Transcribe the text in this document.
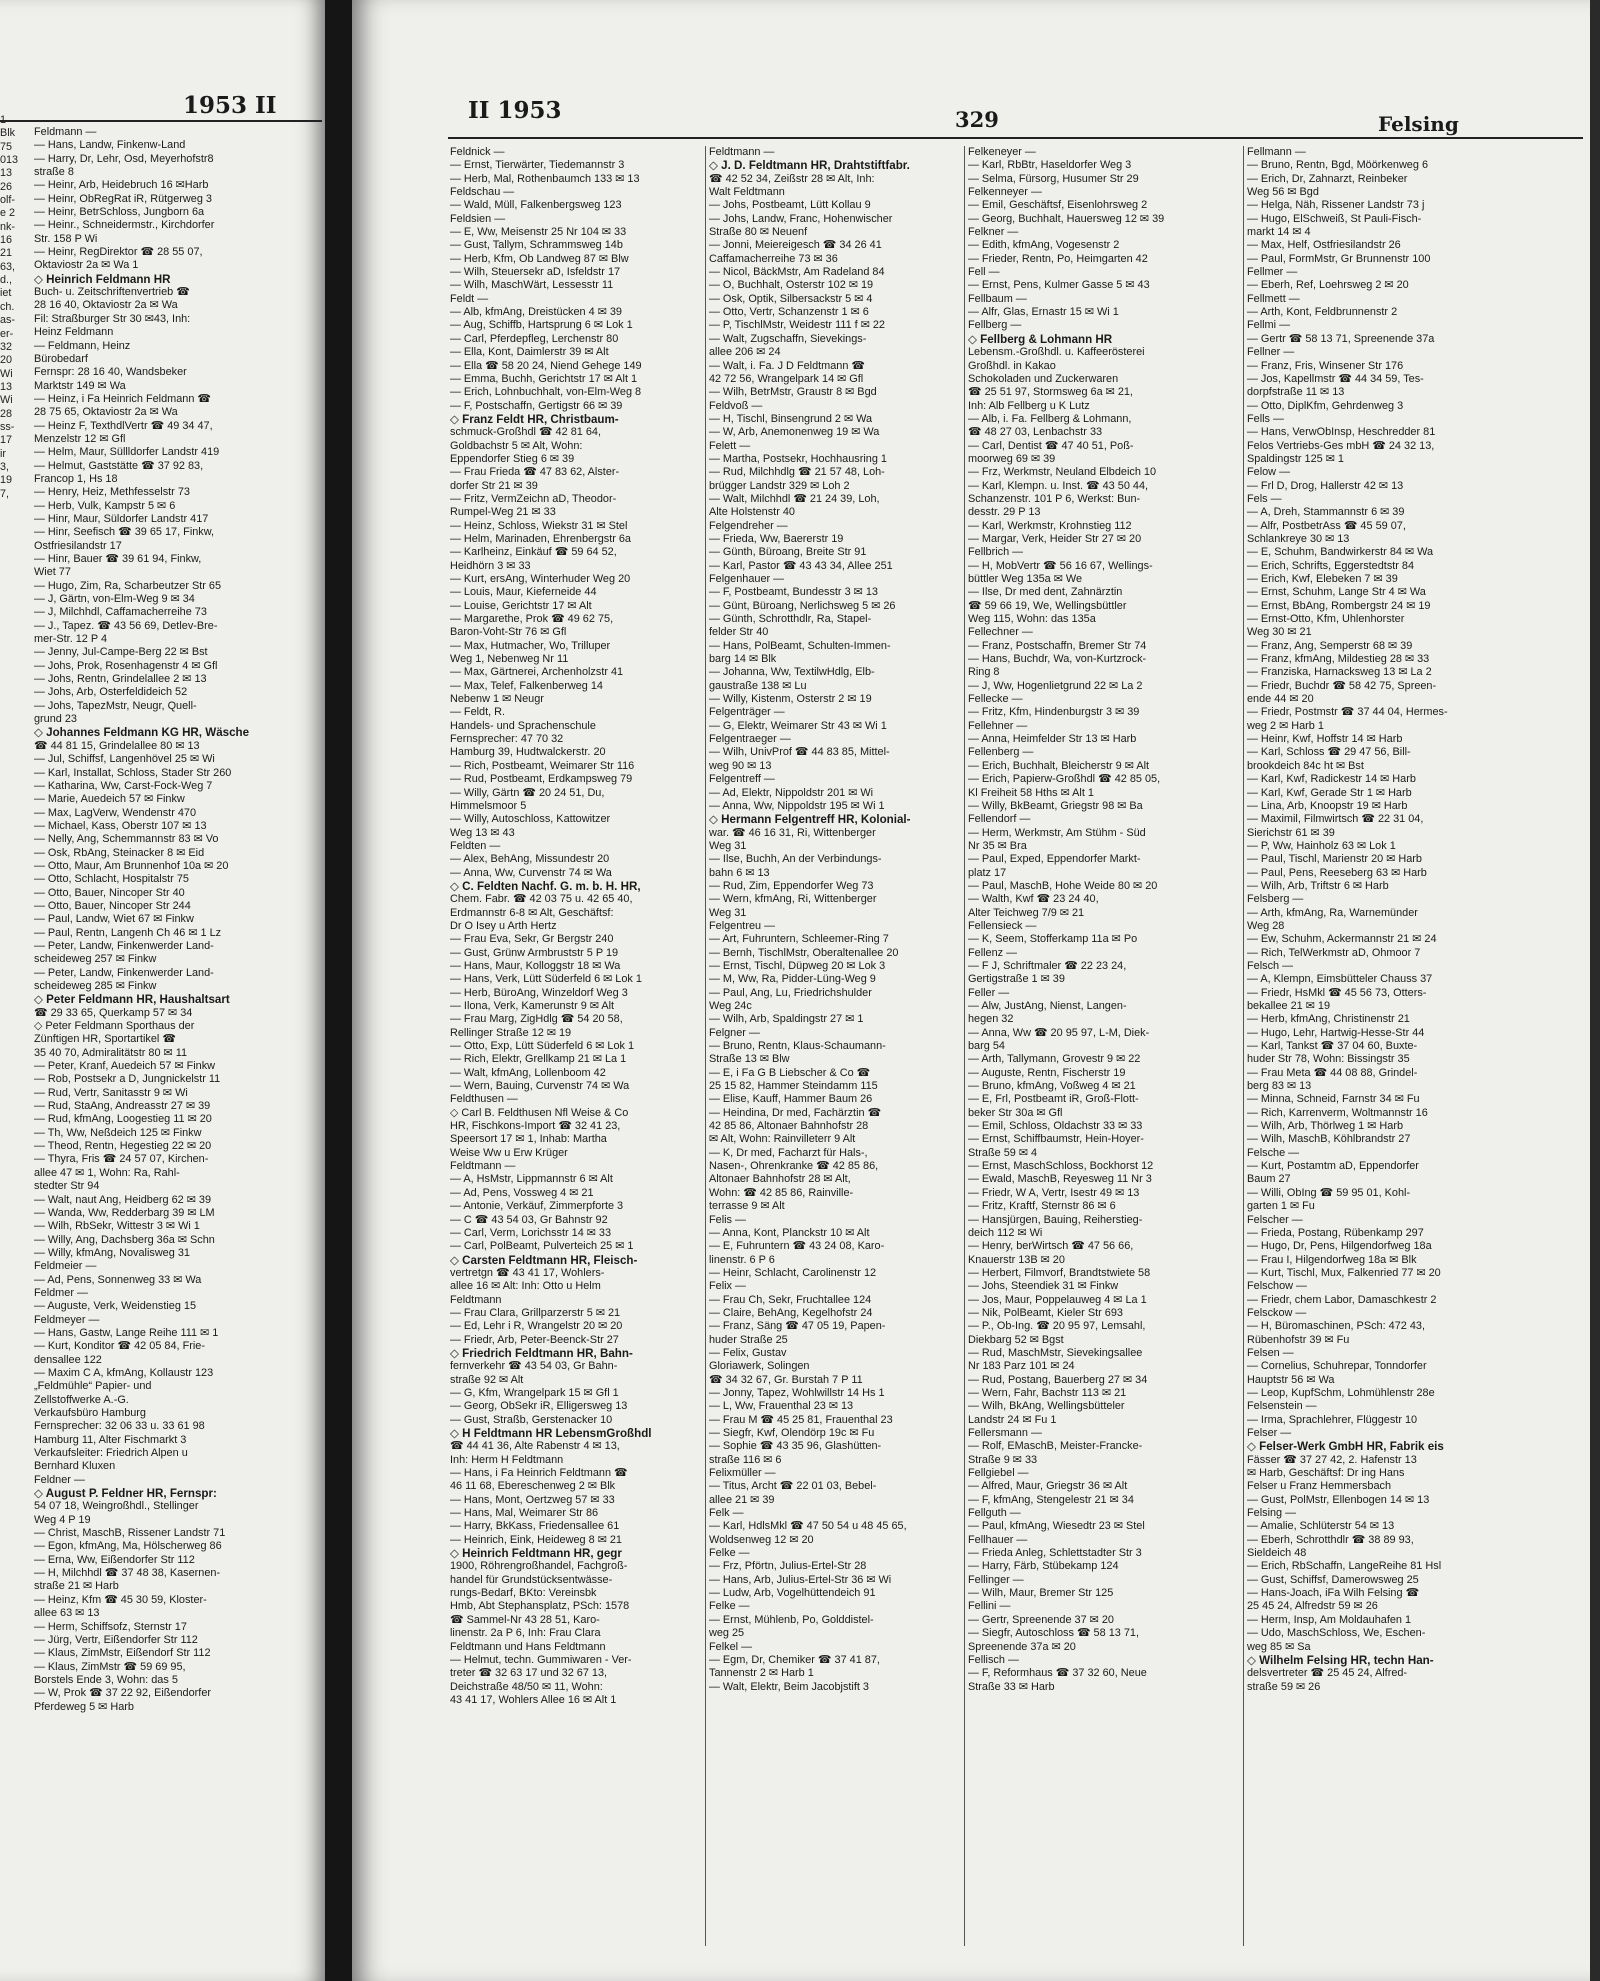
1953 II
1
Blk
75
013
13
26
olf-
e 2
nk-
16
21
63,
d.,
iet
ch.
as-
er-
32
20
Wi
13
Wi
28
ss-
17
ir
3,
19
7,
Feldmann —
— Hans, Landw, Finkenw-Land
— Harry, Dr, Lehr, Osd, Meyerhofstr8
straße 8
— Heinr, Arb, Heidebruch 16 ✉Harb
— Heinr, ObRegRat iR, Rütgerweg 3
— Heinr, BetrSchloss, Jungborn 6a
— Heinr., Schneidermstr., Kirchdorfer
Str. 158 P Wi
— Heinr, RegDirektor ☎ 28 55 07,
Oktaviostr 2a ✉ Wa 1
◇ Heinrich Feldmann HR
Buch- u. Zeitschriftenvertrieb ☎
28 16 40, Oktaviostr 2a ✉ Wa
Fil: Straßburger Str 30 ✉43, Inh:
Heinz Feldmann
— Feldmann, Heinz
Bürobedarf
Fernspr: 28 16 40, Wandsbeker
Marktstr 149 ✉ Wa
— Heinz, i Fa Heinrich Feldmann ☎
28 75 65, Oktaviostr 2a ✉ Wa
— Heinz F, TexthdlVertr ☎ 49 34 47,
Menzelstr 12 ✉ Gfl
— Helm, Maur, Süllldorfer Landstr 419
— Helmut, Gaststätte ☎ 37 92 83,
Francop 1, Hs 18
— Henry, Heiz, Methfesselstr 73
— Herb, Vulk, Kampstr 5 ✉ 6
— Hinr, Maur, Süldorfer Landstr 417
— Hinr, Seefisch ☎ 39 65 17, Finkw,
Ostfriesilandstr 17
— Hinr, Bauer ☎ 39 61 94, Finkw,
Wiet 77
— Hugo, Zim, Ra, Scharbeutzer Str 65
— J, Gärtn, von-Elm-Weg 9 ✉ 34
— J, Milchhdl, Caffamacherreihe 73
— J., Tapez. ☎ 43 56 69, Detlev-Bre-
mer-Str. 12 P 4
— Jenny, Jul-Campe-Berg 22 ✉ Bst
— Johs, Prok, Rosenhagenstr 4 ✉ Gfl
— Johs, Rentn, Grindelallee 2 ✉ 13
— Johs, Arb, Osterfeldideich 52
— Johs, TapezMstr, Neugr, Quell-
grund 23
◇ Johannes Feldmann KG HR, Wäsche
☎ 44 81 15, Grindelallee 80 ✉ 13
— Jul, Schiffsf, Langenhövel 25 ✉ Wi
— Karl, Installat, Schloss, Stader Str 260
— Katharina, Ww, Carst-Fock-Weg 7
— Marie, Auedeich 57 ✉ Finkw
— Max, LagVerw, Wendenstr 470
— Michael, Kass, Oberstr 107 ✉ 13
— Nelly, Ang, Schemmannstr 83 ✉ Vo
— Osk, RbAng, Steinacker 8 ✉ Eid
— Otto, Maur, Am Brunnenhof 10a ✉ 20
— Otto, Schlacht, Hospitalstr 75
— Otto, Bauer, Nincoper Str 40
— Otto, Bauer, Nincoper Str 244
— Paul, Landw, Wiet 67 ✉ Finkw
— Paul, Rentn, Langenh Ch 46 ✉ 1 Lz
— Peter, Landw, Finkenwerder Land-
scheideweg 257 ✉ Finkw
— Peter, Landw, Finkenwerder Land-
scheideweg 285 ✉ Finkw
◇ Peter Feldmann HR, Haushaltsart
☎ 29 33 65, Querkamp 57 ✉ 34
◇ Peter Feldmann Sporthaus der
Zünftigen HR, Sportartikel ☎
35 40 70, Admiralitätstr 80 ✉ 11
— Peter, Kranf, Auedeich 57 ✉ Finkw
— Rob, Postsekr a D, Jungnickelstr 11
— Rud, Vertr, Sanitasstr 9 ✉ Wi
— Rud, StaAng, Andreasstr 27 ✉ 39
— Rud, kfmAng, Loogestieg 11 ✉ 20
— Th, Ww, Neßdeich 125 ✉ Finkw
— Theod, Rentn, Hegestieg 22 ✉ 20
— Thyra, Fris ☎ 24 57 07, Kirchen-
allee 47 ✉ 1, Wohn: Ra, Rahl-
stedter Str 94
— Walt, naut Ang, Heidberg 62 ✉ 39
— Wanda, Ww, Redderbarg 39 ✉ LM
— Wilh, RbSekr, Wittestr 3 ✉ Wi 1
— Willy, Ang, Dachsberg 36a ✉ Schn
— Willy, kfmAng, Novalisweg 31
Feldmeier —
— Ad, Pens, Sonnenweg 33 ✉ Wa
Feldmer —
— Auguste, Verk, Weidenstieg 15
Feldmeyer —
— Hans, Gastw, Lange Reihe 111 ✉ 1
— Kurt, Konditor ☎ 42 05 84, Frie-
densallee 122
— Maxim C A, kfmAng, Kollaustr 123
„Feldmühle“ Papier- und
Zellstoffwerke A.-G.
Verkaufsbüro Hamburg
Fernsprecher: 32 06 33 u. 33 61 98
Hamburg 11, Alter Fischmarkt 3
Verkaufsleiter: Friedrich Alpen u
Bernhard Kluxen
Feldner —
◇ August P. Feldner HR, Fernspr:
54 07 18, Weingroßhdl., Stellinger
Weg 4 P 19
— Christ, MaschB, Rissener Landstr 71
— Egon, kfmAng, Ma, Hölscherweg 86
— Erna, Ww, Eißendorfer Str 112
— H, Milchhdl ☎ 37 48 38, Kasernen-
straße 21 ✉ Harb
— Heinz, Kfm ☎ 45 30 59, Kloster-
allee 63 ✉ 13
— Herm, Schiffsofz, Sternstr 17
— Jürg, Vertr, Eißendorfer Str 112
— Klaus, ZimMstr, Eißendorf Str 112
— Klaus, ZimMstr ☎ 59 69 95,
Borstels Ende 3, Wohn: das 5
— W, Prok ☎ 37 22 92, Eißendorfer
Pferdeweg 5 ✉ Harb
II 1953	329	Felsing
Feldnick —
— Ernst, Tierwärter, Tiedemannstr 3
— Herb, Mal, Rothenbaumch 133 ✉ 13
Feldschau —
— Wald, Müll, Falkenbergsweg 123
Feldsien —
— E, Ww, Meisenstr 25 Nr 104 ✉ 33
— Gust, Tallym, Schrammsweg 14b
— Herb, Kfm, Ob Landweg 87 ✉ Blw
— Wilh, Steuersekr aD, Isfeldstr 17
— Wilh, MaschWärt, Lessesstr 11
Feldt —
— Alb, kfmAng, Dreistücken 4 ✉ 39
— Aug, Schiffb, Hartsprung 6 ✉ Lok 1
— Carl, Pferdepfleg, Lerchenstr 80
— Ella, Kont, Daimlerstr 39 ✉ Alt
— Ella ☎ 58 20 24, Niend Gehege 149
— Emma, Buchh, Gerichtstr 17 ✉ Alt 1
— Erich, Lohnbuchhalt, von-Elm-Weg 8
— F, Postschaffn, Gertigstr 66 ✉ 39
◇ Franz Feldt HR, Christbaum-
schmuck-Großhdl ☎ 42 81 64,
Goldbachstr 5 ✉ Alt, Wohn:
Eppendorfer Stieg 6 ✉ 39
— Frau Frieda ☎ 47 83 62, Alster-
dorfer Str 21 ✉ 39
— Fritz, VermZeichn aD, Theodor-
Rumpel-Weg 21 ✉ 33
— Heinz, Schloss, Wiekstr 31 ✉ Stel
— Helm, Marinaden, Ehrenbergstr 6a
— Karlheinz, Einkäuf ☎ 59 64 52,
Heidhörn 3 ✉ 33
— Kurt, ersAng, Winterhuder Weg 20
— Louis, Maur, Kieferneide 44
— Louise, Gerichtstr 17 ✉ Alt
— Margarethe, Prok ☎ 49 62 75,
Baron-Voht-Str 76 ✉ Gfl
— Max, Hutmacher, Wo, Trilluper
Weg 1, Nebenweg Nr 11
— Max, Gärtnerei, Archenholzstr 41
— Max, Telef, Falkenberweg 14
Nebenw 1 ✉ Neugr
— Feldt, R.
Handels- und Sprachenschule
Fernsprecher: 47 70 32
Hamburg 39, Hudtwalckerstr. 20
— Rich, Postbeamt, Weimarer Str 116
— Rud, Postbeamt, Erdkampsweg 79
— Willy, Gärtn ☎ 20 24 51, Du,
Himmelsmoor 5
— Willy, Autoschloss, Kattowitzer
Weg 13 ✉ 43
Feldten —
— Alex, BehAng, Missundestr 20
— Anna, Ww, Curvenstr 74 ✉ Wa
◇ C. Feldten Nachf. G. m. b. H. HR,
Chem. Fabr. ☎ 42 03 75 u. 42 65 40,
Erdmannstr 6-8 ✉ Alt, Geschäftsf:
Dr O Isey u Arth Hertz
— Frau Eva, Sekr, Gr Bergstr 240
— Gust, Grünw Armbruststr 5 P 19
— Hans, Maur, Kolloggstr 18 ✉ Wa
— Hans, Verk, Lütt Süderfeld 6 ✉ Lok 1
— Herb, BüroAng, Winzeldorf Weg 3
— Ilona, Verk, Kamerunstr 9 ✉ Alt
— Frau Marg, ZigHdlg ☎ 54 20 58,
Rellinger Straße 12 ✉ 19
— Otto, Exp, Lütt Süderfeld 6 ✉ Lok 1
— Rich, Elektr, Grellkamp 21 ✉ La 1
— Walt, kfmAng, Lollenboom 42
— Wern, Bauing, Curvenstr 74 ✉ Wa
Feldthusen —
◇ Carl B. Feldthusen Nfl Weise & Co
HR, Fischkons-Import ☎ 32 41 23,
Speersort 17 ✉ 1, Inhab: Martha
Weise Ww u Erw Krüger
Feldtmann —
— A, HsMstr, Lippmannstr 6 ✉ Alt
— Ad, Pens, Vossweg 4 ✉ 21
— Antonie, Verkäuf, Zimmerpforte 3
— C ☎ 43 54 03, Gr Bahnstr 92
— Carl, Verm, Lorichsstr 14 ✉ 33
— Carl, PolBeamt, Pulverteich 25 ✉ 1
◇ Carsten Feldtmann HR, Fleisch-
vertretgn ☎ 43 41 17, Wohlers-
allee 16 ✉ Alt: Inh: Otto u Helm
Feldtmann
— Frau Clara, Grillparzerstr 5 ✉ 21
— Ed, Lehr i R, Wrangelstr 20 ✉ 20
— Friedr, Arb, Peter-Beenck-Str 27
◇ Friedrich Feldtmann HR, Bahn-
fernverkehr ☎ 43 54 03, Gr Bahn-
straße 92 ✉ Alt
— G, Kfm, Wrangelpark 15 ✉ Gfl 1
— Georg, ObSekr iR, Elligersweg 13
— Gust, Straßb, Gerstenacker 10
◇ H Feldtmann HR LebensmGroßhdl
☎ 44 41 36, Alte Rabenstr 4 ✉ 13,
Inh: Herm H Feldtmann
— Hans, i Fa Heinrich Feldtmann ☎
46 11 68, Ebereschenweg 2 ✉ Blk
— Hans, Mont, Oertzweg 57 ✉ 33
— Hans, Mal, Weimarer Str 86
— Harry, BkKass, Friedensallee 61
— Heinrich, Eink, Heideweg 8 ✉ 21
◇ Heinrich Feldtmann HR, gegr
1900, Röhrengroßhandel, Fachgroß-
handel für Grundstücksentwässe-
rungs-Bedarf, BKto: Vereinsbk
Hmb, Abt Stephansplatz, PSch: 1578
☎ Sammel-Nr 43 28 51, Karo-
linenstr. 2a P 6, Inh: Frau Clara
Feldtmann und Hans Feldtmann
— Helmut, techn. Gummiwaren - Ver-
treter ☎ 32 63 17 und 32 67 13,
Deichstraße 48/50 ✉ 11, Wohn:
43 41 17, Wohlers Allee 16 ✉ Alt 1
Feldtmann —
◇ J. D. Feldtmann HR, Drahtstiftfabr.
☎ 42 52 34, Zeißstr 28 ✉ Alt, Inh:
Walt Feldtmann
— Johs, Postbeamt, Lütt Kollau 9
— Johs, Landw, Franc, Hohenwischer
Straße 80 ✉ Neuenf
— Jonni, Meiereigesch ☎ 34 26 41
Caffamacherreihe 73 ✉ 36
— Nicol, BäckMstr, Am Radeland 84
— O, Buchhalt, Osterstr 102 ✉ 19
— Osk, Optik, Silbersackstr 5 ✉ 4
— Otto, Vertr, Schanzenstr 1 ✉ 6
— P, TischlMstr, Weidestr 111 f ✉ 22
— Walt, Zugschaffn, Sievekings-
allee 206 ✉ 24
— Walt, i. Fa. J D Feldtmann ☎
42 72 56, Wrangelpark 14 ✉ Gfl
— Wilh, BetrMstr, Graustr 8 ✉ Bgd
Feldvoß —
— H, Tischl, Binsengrund 2 ✉ Wa
— W, Arb, Anemonenweg 19 ✉ Wa
Felett —
— Martha, Postsekr, Hochhausring 1
— Rud, Milchhdlg ☎ 21 57 48, Loh-
brügger Landstr 329 ✉ Loh 2
— Walt, Milchhdl ☎ 21 24 39, Loh,
Alte Holstenstr 40
Felgendreher —
— Frieda, Ww, Baererstr 19
— Günth, Büroang, Breite Str 91
— Karl, Pastor ☎ 43 43 34, Allee 251
Felgenhauer —
— F, Postbeamt, Bundesstr 3 ✉ 13
— Günt, Büroang, Nerlichsweg 5 ✉ 26
— Günth, Schrotthdlr, Ra, Stapel-
felder Str 40
— Hans, PolBeamt, Schulten-Immen-
barg 14 ✉ Blk
— Johanna, Ww, TextilwHdlg, Elb-
gaustraße 138 ✉ Lu
— Willy, Kistenm, Osterstr 2 ✉ 19
Felgenträger —
— G, Elektr, Weimarer Str 43 ✉ Wi 1
Felgentraeger —
— Wilh, UnivProf ☎ 44 83 85, Mittel-
weg 90 ✉ 13
Felgentreff —
— Ad, Elektr, Nippoldstr 201 ✉ Wi
— Anna, Ww, Nippoldstr 195 ✉ Wi 1
◇ Hermann Felgentreff HR, Kolonial-
war. ☎ 46 16 31, Ri, Wittenberger
Weg 31
— Ilse, Buchh, An der Verbindungs-
bahn 6 ✉ 13
— Rud, Zim, Eppendorfer Weg 73
— Wern, kfmAng, Ri, Wittenberger
Weg 31
Felgentreu —
— Art, Fuhruntern, Schleemer-Ring 7
— Bernh, TischlMstr, Oberaltenallee 20
— Ernst, Tischl, Düpweg 20 ✉ Lok 3
— M, Ww, Ra, Pidder-Lüng-Weg 9
— Paul, Ang, Lu, Friedrichshulder
Weg 24c
— Wilh, Arb, Spaldingstr 27 ✉ 1
Felgner —
— Bruno, Rentn, Klaus-Schaumann-
Straße 13 ✉ Blw
— E, i Fa G B Liebscher & Co ☎
25 15 82, Hammer Steindamm 115
— Elise, Kauff, Hammer Baum 26
— Heindina, Dr med, Fachärztin ☎
42 85 86, Altonaer Bahnhofstr 28
✉ Alt, Wohn: Rainvilleterr 9 Alt
— K, Dr med, Facharzt für Hals-,
Nasen-, Ohrenkranke ☎ 42 85 86,
Altonaer Bahnhofstr 28 ✉ Alt,
Wohn: ☎ 42 85 86, Rainville-
terrasse 9 ✉ Alt
Felis —
— Anna, Kont, Planckstr 10 ✉ Alt
— E, Fuhruntern ☎ 43 24 08, Karo-
linenstr. 6 P 6
— Heinr, Schlacht, Carolinenstr 12
Felix —
— Frau Ch, Sekr, Fruchtallee 124
— Claire, BehAng, Kegelhofstr 24
— Franz, Säng ☎ 47 05 19, Papen-
huder Straße 25
— Felix, Gustav
Gloriawerk, Solingen
☎ 34 32 67, Gr. Burstah 7 P 11
— Jonny, Tapez, Wohlwillstr 14 Hs 1
— L, Ww, Frauenthal 23 ✉ 13
— Frau M ☎ 45 25 81, Frauenthal 23
— Siegfr, Kwf, Olendörp 19c ✉ Fu
— Sophie ☎ 43 35 96, Glashütten-
straße 116 ✉ 6
Felixmüller —
— Titus, Archt ☎ 22 01 03, Bebel-
allee 21 ✉ 39
Felk —
— Karl, HdlsMkl ☎ 47 50 54 u 48 45 65,
Woldsenweg 12 ✉ 20
Felke —
— Frz, Pförtn, Julius-Ertel-Str 28
— Hans, Arb, Julius-Ertel-Str 36 ✉ Wi
— Ludw, Arb, Vogelhüttendeich 91
Felke —
— Ernst, Mühlenb, Po, Golddistel-
weg 25
Felkel —
— Egm, Dr, Chemiker ☎ 37 41 87,
Tannenstr 2 ✉ Harb 1
— Walt, Elektr, Beim Jacobjstift 3
Felkeneyer —
— Karl, RbBtr, Haseldorfer Weg 3
— Selma, Fürsorg, Husumer Str 29
Felkenneyer —
— Emil, Geschäftsf, Eisenlohrsweg 2
— Georg, Buchhalt, Hauersweg 12 ✉ 39
Felkner —
— Edith, kfmAng, Vogesenstr 2
— Frieder, Rentn, Po, Heimgarten 42
Fell —
— Ernst, Pens, Kulmer Gasse 5 ✉ 43
Fellbaum —
— Alfr, Glas, Ernastr 15 ✉ Wi 1
Fellberg —
◇ Fellberg & Lohmann HR
Lebensm.-Großhdl. u. Kaffeerösterei
Großhdl. in Kakao
Schokoladen und Zuckerwaren
☎ 25 51 97, Stormsweg 6a ✉ 21,
Inh: Alb Fellberg u K Lutz
— Alb, i. Fa. Fellberg & Lohmann,
☎ 48 27 03, Lenbachstr 33
— Carl, Dentist ☎ 47 40 51, Poß-
moorweg 69 ✉ 39
— Frz, Werkmstr, Neuland Elbdeich 10
— Karl, Klempn. u. Inst. ☎ 43 50 44,
Schanzenstr. 101 P 6, Werkst: Bun-
desstr. 29 P 13
— Karl, Werkmstr, Krohnstieg 112
— Margar, Verk, Heider Str 27 ✉ 20
Fellbrich —
— H, MobVertr ☎ 56 16 67, Wellings-
büttler Weg 135a ✉ We
— Ilse, Dr med dent, Zahnärztin
☎ 59 66 19, We, Wellingsbüttler
Weg 115, Wohn: das 135a
Fellechner —
— Franz, Postschaffn, Bremer Str 74
— Hans, Buchdr, Wa, von-Kurtzrock-
Ring 8
— J, Ww, Hogenlietgrund 22 ✉ La 2
Fellecke —
— Fritz, Kfm, Hindenburgstr 3 ✉ 39
Fellehner —
— Anna, Heimfelder Str 13 ✉ Harb
Fellenberg —
— Erich, Buchhalt, Bleicherstr 9 ✉ Alt
— Erich, Papierw-Großhdl ☎ 42 85 05,
Kl Freiheit 58 Hths ✉ Alt 1
— Willy, BkBeamt, Griegstr 98 ✉ Ba
Fellendorf —
— Herm, Werkmstr, Am Stühm - Süd
Nr 35 ✉ Bra
— Paul, Exped, Eppendorfer Markt-
platz 17
— Paul, MaschB, Hohe Weide 80 ✉ 20
— Walth, Kwf ☎ 23 24 40,
Alter Teichweg 7/9 ✉ 21
Fellensieck —
— K, Seem, Stofferkamp 11a ✉ Po
Fellenz —
— F J, Schriftmaler ☎ 22 23 24,
Gertigstraße 1 ✉ 39
Feller —
— Alw, JustAng, Nienst, Langen-
hegen 32
— Anna, Ww ☎ 20 95 97, L-M, Diek-
barg 54
— Arth, Tallymann, Grovestr 9 ✉ 22
— Auguste, Rentn, Fischerstr 19
— Bruno, kfmAng, Voßweg 4 ✉ 21
— E, Frl, Postbeamt iR, Groß-Flott-
beker Str 30a ✉ Gfl
— Emil, Schloss, Oldachstr 33 ✉ 33
— Ernst, Schiffbaumstr, Hein-Hoyer-
Straße 59 ✉ 4
— Ernst, MaschSchloss, Bockhorst 12
— Ewald, MaschB, Reyesweg 11 Nr 3
— Friedr, W A, Vertr, Isestr 49 ✉ 13
— Fritz, Kraftf, Sternstr 86 ✉ 6
— Hansjürgen, Bauing, Reiherstieg-
deich 112 ✉ Wi
— Henry, berWirtsch ☎ 47 56 66,
Knauerstr 13B ✉ 20
— Herbert, Filmvorf, Brandtstwiete 58
— Johs, Steendiek 31 ✉ Finkw
— Jos, Maur, Poppelauweg 4 ✉ La 1
— Nik, PolBeamt, Kieler Str 693
— P., Ob-Ing. ☎ 20 95 97, Lemsahl,
Diekbarg 52 ✉ Bgst
— Rud, MaschMstr, Sievekingsallee
Nr 183 Parz 101 ✉ 24
— Rud, Postang, Bauerberg 27 ✉ 34
— Wern, Fahr, Bachstr 113 ✉ 21
— Wilh, BkAng, Wellingsbütteler
Landstr 24 ✉ Fu 1
Fellersmann —
— Rolf, EMaschB, Meister-Francke-
Straße 9 ✉ 33
Fellgiebel —
— Alfred, Maur, Griegstr 36 ✉ Alt
— F, kfmAng, Stengelestr 21 ✉ 34
Fellguth —
— Paul, kfmAng, Wiesedtr 23 ✉ Stel
Fellhauer —
— Frieda Anleg, Schlettstadter Str 3
— Harry, Färb, Stübekamp 124
Fellinger —
— Wilh, Maur, Bremer Str 125
Fellini —
— Gertr, Spreenende 37 ✉ 20
— Siegfr, Autoschloss ☎ 58 13 71,
Spreenende 37a ✉ 20
Fellisch —
— F, Reformhaus ☎ 37 32 60, Neue
Straße 33 ✉ Harb
Fellmann —
— Bruno, Rentn, Bgd, Möörkenweg 6
— Erich, Dr, Zahnarzt, Reinbeker
Weg 56 ✉ Bgd
— Helga, Näh, Rissener Landstr 73 j
— Hugo, ElSchweiß, St Pauli-Fisch-
markt 14 ✉ 4
— Max, Helf, Ostfriesilandstr 26
— Paul, FormMstr, Gr Brunnenstr 100
Fellmer —
— Eberh, Ref, Loehrsweg 2 ✉ 20
Fellmett —
— Arth, Kont, Feldbrunnenstr 2
Fellmi —
— Gertr ☎ 58 13 71, Spreenende 37a
Fellner —
— Franz, Fris, Winsener Str 176
— Jos, Kapellmstr ☎ 44 34 59, Tes-
dorpfstraße 11 ✉ 13
— Otto, DiplKfm, Gehrdenweg 3
Fells —
— Hans, VerwObInsp, Heschredder 81
Felos Vertriebs-Ges mbH ☎ 24 32 13,
Spaldingstr 125 ✉ 1
Felow —
— Frl D, Drog, Hallerstr 42 ✉ 13
Fels —
— A, Dreh, Stammannstr 6 ✉ 39
— Alfr, PostbetrAss ☎ 45 59 07,
Schlankreye 30 ✉ 13
— E, Schuhm, Bandwirkerstr 84 ✉ Wa
— Erich, Schrifts, Eggerstedtstr 84
— Erich, Kwf, Elebeken 7 ✉ 39
— Ernst, Schuhm, Lange Str 4 ✉ Wa
— Ernst, BbAng, Rombergstr 24 ✉ 19
— Ernst-Otto, Kfm, Uhlenhorster
Weg 30 ✉ 21
— Franz, Ang, Semperstr 68 ✉ 39
— Franz, kfmAng, Mildestieg 28 ✉ 33
— Franziska, Harnacksweg 13 ✉ La 2
— Friedr, Buchdr ☎ 58 42 75, Spreen-
ende 44 ✉ 20
— Friedr, Postmstr ☎ 37 44 04, Hermes-
weg 2 ✉ Harb 1
— Heinr, Kwf, Hoffstr 14 ✉ Harb
— Karl, Schloss ☎ 29 47 56, Bill-
brookdeich 84c ht ✉ Bst
— Karl, Kwf, Radickestr 14 ✉ Harb
— Karl, Kwf, Gerade Str 1 ✉ Harb
— Lina, Arb, Knoopstr 19 ✉ Harb
— Maximil, Filmwirtsch ☎ 22 31 04,
Sierichstr 61 ✉ 39
— P, Ww, Hainholz 63 ✉ Lok 1
— Paul, Tischl, Marienstr 20 ✉ Harb
— Paul, Pens, Reeseberg 63 ✉ Harb
— Wilh, Arb, Triftstr 6 ✉ Harb
Felsberg —
— Arth, kfmAng, Ra, Warnemünder
Weg 28
— Ew, Schuhm, Ackermannstr 21 ✉ 24
— Rich, TelWerkmstr aD, Ohmoor 7
Felsch —
— A, Klempn, Eimsbütteler Chauss 37
— Friedr, HsMkl ☎ 45 56 73, Otters-
bekallee 21 ✉ 19
— Herb, kfmAng, Christinenstr 21
— Hugo, Lehr, Hartwig-Hesse-Str 44
— Karl, Tankst ☎ 37 04 60, Buxte-
huder Str 78, Wohn: Bissingstr 35
— Frau Meta ☎ 44 08 88, Grindel-
berg 83 ✉ 13
— Minna, Schneid, Farnstr 34 ✉ Fu
— Rich, Karrenverm, Woltmannstr 16
— Wilh, Arb, Thörlweg 1 ✉ Harb
— Wilh, MaschB, Köhlbrandstr 27
Felsche —
— Kurt, Postamtm aD, Eppendorfer
Baum 27
— Willi, ObIng ☎ 59 95 01, Kohl-
garten 1 ✉ Fu
Felscher —
— Frieda, Postang, Rübenkamp 297
— Hugo, Dr, Pens, Hilgendorfweg 18a
— Frau I, Hilgendorfweg 18a ✉ Blk
— Kurt, Tischl, Mux, Falkenried 77 ✉ 20
Felschow —
— Friedr, chem Labor, Damaschkestr 2
Felsckow —
— H, Büromaschinen, PSch: 472 43,
Rübenhofstr 39 ✉ Fu
Felsen —
— Cornelius, Schuhrepar, Tonndorfer
Hauptstr 56 ✉ Wa
— Leop, KupfSchm, Lohmühlenstr 28e
Felsenstein —
— Irma, Sprachlehrer, Flüggestr 10
Felser —
◇ Felser-Werk GmbH HR, Fabrik eis
Fässer ☎ 37 27 42, 2. Hafenstr 13
✉ Harb, Geschäftsf: Dr ing Hans
Felser u Franz Hemmersbach
— Gust, PolMstr, Ellenbogen 14 ✉ 13
Felsing —
— Amalie, Schlüterstr 54 ✉ 13
— Eberh, Schrotthdlr ☎ 38 89 93,
Sieldeich 48
— Erich, RbSchaffn, LangeReihe 81 Hsl
— Gust, Schiffsf, Damerowsweg 25
— Hans-Joach, iFa Wilh Felsing ☎
25 45 24, Alfredstr 59 ✉ 26
— Herm, Insp, Am Moldauhafen 1
— Udo, MaschSchloss, We, Eschen-
weg 85 ✉ Sa
◇ Wilhelm Felsing HR, techn Han-
delsvertreter ☎ 25 45 24, Alfred-
straße 59 ✉ 26
